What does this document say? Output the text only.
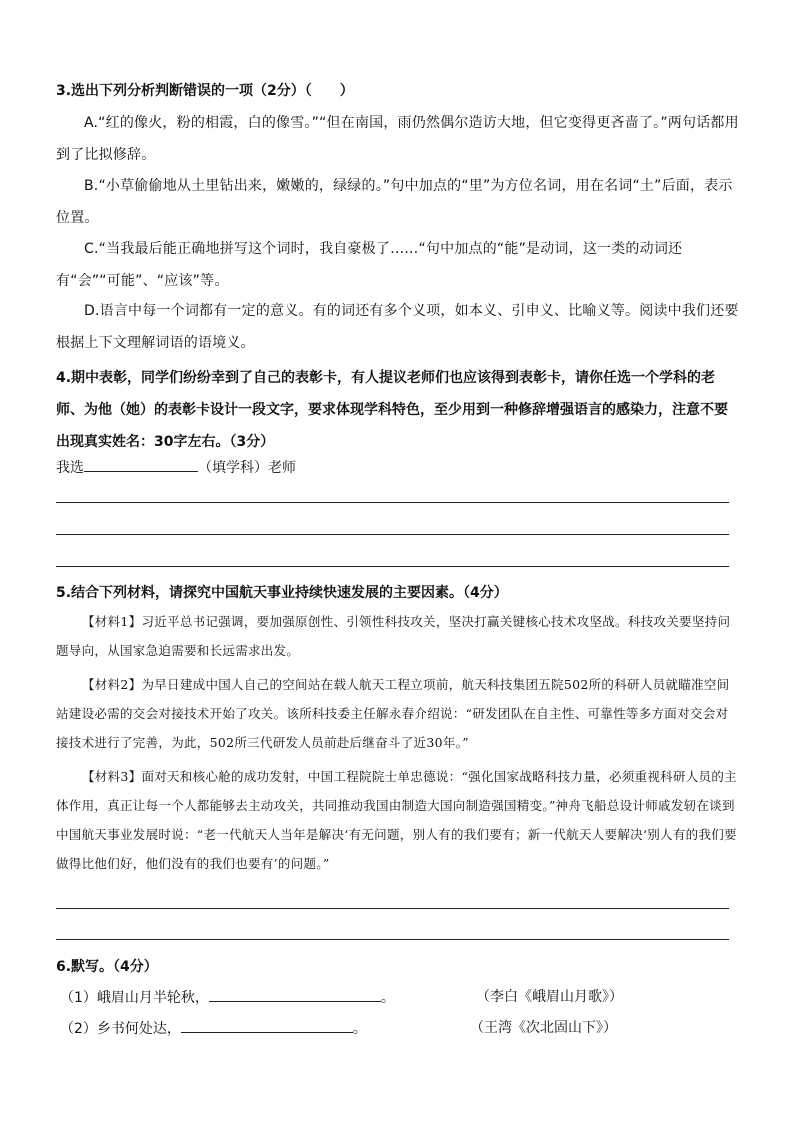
3.选出下列分析判断错误的一项（2分）（　　）
A.“红的像火，粉的相霞，白的像雪。”“但在南国，雨仍然偶尔造访大地，但它变得更吝啬了。”两句话都用到了比拟修辞。
B.“小草偷偷地从土里钻出来，嫩嫩的，绿绿的。”句中加点的“里”为方位名词，用在名词“土”后面，表示位置。
C.“当我最后能正确地拼写这个词时，我自豪极了……“句中加点的“能”是动词，这一类的动词还有“会”“可能”、“应该”等。
D.语言中每一个词都有一定的意义。有的词还有多个义项，如本义、引申义、比喻义等。阅读中我们还要根据上下文理解词语的语境义。
4.期中表彰，同学们纷纷幸到了自己的表彰卡，有人提议老师们也应该得到表彰卡，请你任选一个学科的老师、为他（她）的表彰卡设计一段文字，要求体现学科特色，至少用到一种修辞增强语言的感染力，注意不要出现真实姓名：30字左右。（3分）
我选	（填学科）老师
5.结合下列材料，请探究中国航天事业持续快速发展的主要因素。（4分）
【材料1】习近平总书记强调，要加强原创性、引领性科技攻关，坚决打赢关键核心技术攻坚战。科技攻关要坚持问题导向，从国家急迫需要和长远需求出发。
【材料2】为早日建成中国人自己的空间站在载人航天工程立项前，航天科技集团五院502所的科研人员就瞄准空间站建设必需的交会对接技术开始了攻关。该所科技委主任解永春介绍说：“研发团队在自主性、可靠性等多方面对交会对接技术进行了完善，为此，502所三代研发人员前赴后继奋斗了近30年。”
【材料3】面对天和核心舱的成功发射，中国工程院院士单忠德说：“强化国家战略科技力量，必须重视科研人员的主体作用，真正让每一个人都能够去主动攻关，共同推动我国由制造大国向制造强国精变。”神舟飞船总设计师戚发轫在谈到中国航天事业发展时说：“老一代航天人当年是解决‘有无问题，别人有的我们要有；新一代航天人要解决‘别人有的我们要做得比他们好，他们没有的我们也要有’的问题。”
6.默写。（4分）
（1）峨眉山月半轮秋，	。	（李白《峨眉山月歌》）
（2）乡书何处达，	。	（王湾《次北固山下》）
